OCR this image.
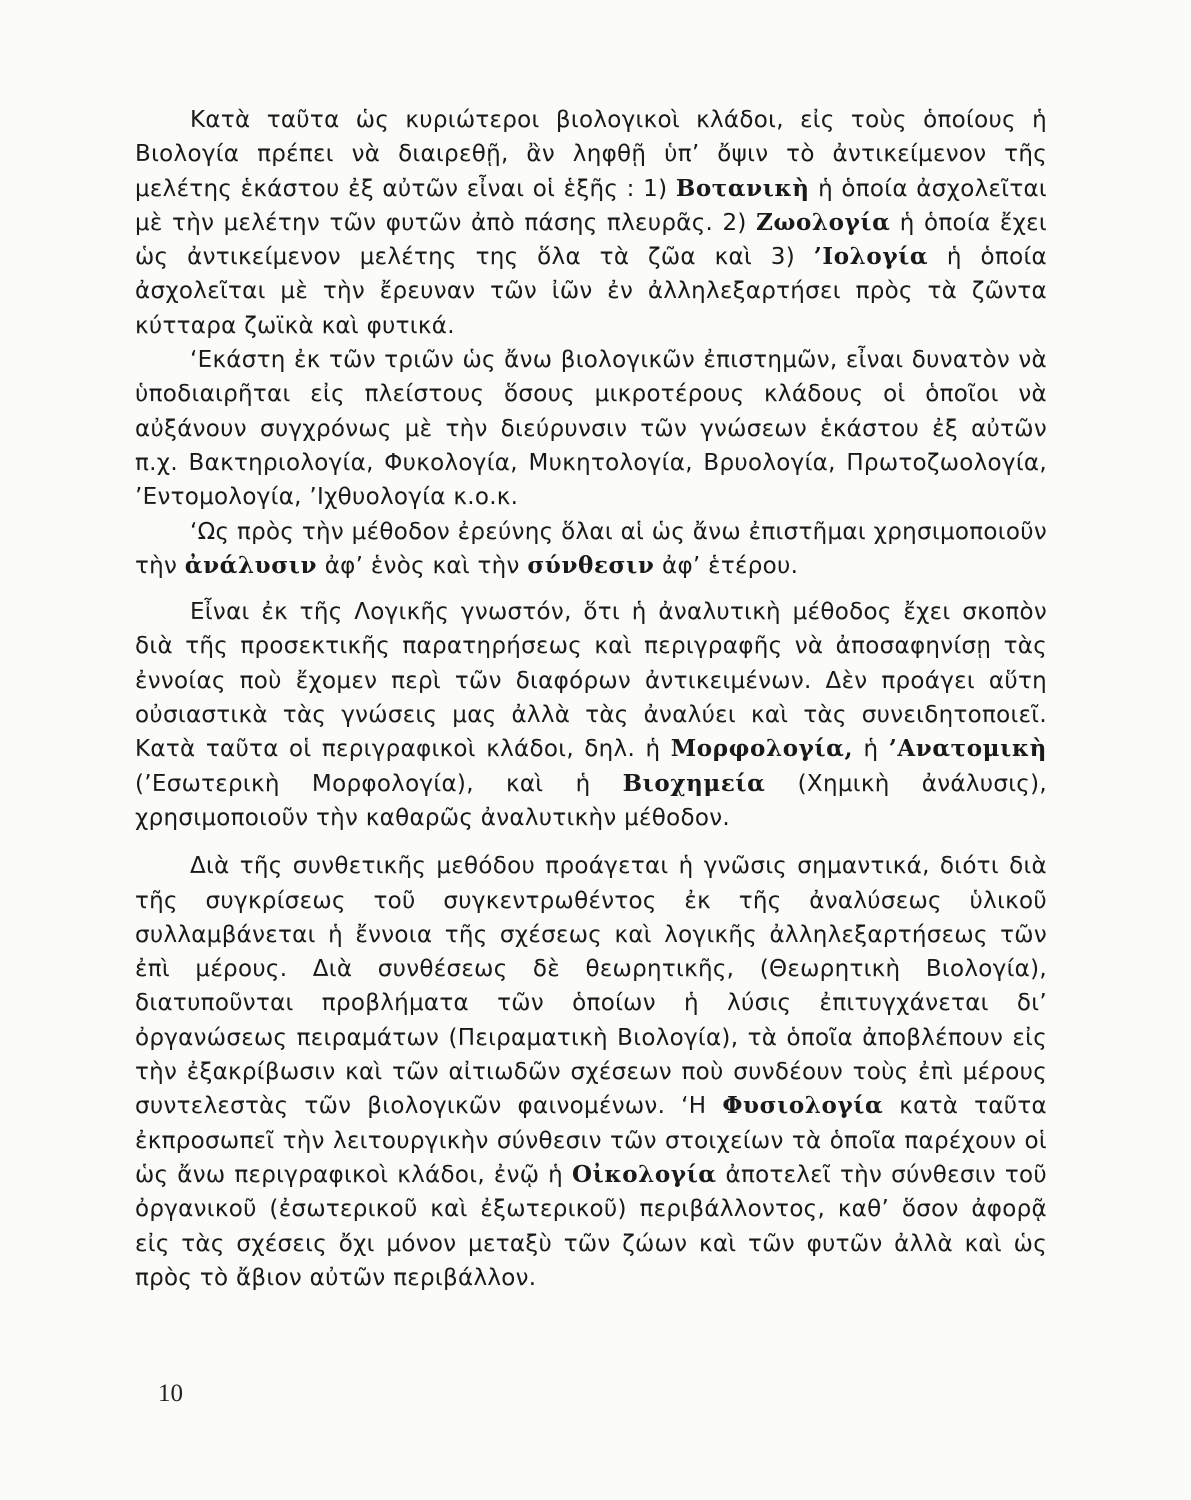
Κατὰ ταῦτα ὡς κυριώτεροι βιολογικοὶ κλάδοι, εἰς τοὺς ὁποίους ἡ Βιολογία πρέπει νὰ διαιρεθῇ, ἂν ληφθῇ ὑπ’ ὄψιν τὸ ἀντικείμενον τῆς μελέτης ἑκάστου ἐξ αὐτῶν εἶναι οἱ ἑξῆς : 1) Βοτανικὴ ἡ ὁποία ἀσχολεῖται μὲ τὴν μελέτην τῶν φυτῶν ἀπὸ πάσης πλευρᾶς. 2) Ζωολογία ἡ ὁποία ἔχει ὡς ἀντικείμενον μελέτης της ὅλα τὰ ζῶα καὶ 3) ’Ιολογία ἡ ὁποία ἀσχολεῖται μὲ τὴν ἔρευναν τῶν ἰῶν ἐν ἀλληλεξαρτήσει πρὸς τὰ ζῶντα κύτταρα ζωϊκὰ καὶ φυτικά.

‘Εκάστη ἐκ τῶν τριῶν ὡς ἄνω βιολογικῶν ἐπιστημῶν, εἶναι δυνατὸν νὰ ὑποδιαιρῆται εἰς πλείστους ὅσους μικροτέρους κλάδους οἱ ὁποῖοι νὰ αὐξάνουν συγχρόνως μὲ τὴν διεύρυνσιν τῶν γνώσεων ἑκάστου ἐξ αὐτῶν π.χ. Βακτηριολογία, Φυκολογία, Μυκητολογία, Βρυολογία, Πρωτοζωολογία, ’Εντομολογία, ’Ιχθυολογία κ.ο.κ.

‘Ως πρὸς τὴν μέθοδον ἐρεύνης ὅλαι αἱ ὡς ἄνω ἐπιστῆμαι χρησιμοποιοῦν τὴν ἀνάλυσιν ἀφ’ ἑνὸς καὶ τὴν σύνθεσιν ἀφ’ ἑτέρου.

Εἶναι ἐκ τῆς Λογικῆς γνωστόν, ὅτι ἡ ἀναλυτικὴ μέθοδος ἔχει σκοπὸν διὰ τῆς προσεκτικῆς παρατηρήσεως καὶ περιγραφῆς νὰ ἀποσαφηνίσῃ τὰς ἐννοίας ποὺ ἔχομεν περὶ τῶν διαφόρων ἀντικειμένων. Δὲν προάγει αὕτη οὐσιαστικὰ τὰς γνώσεις μας ἀλλὰ τὰς ἀναλύει καὶ τὰς συνειδητοποιεῖ. Κατὰ ταῦτα οἱ περιγραφικοὶ κλάδοι, δηλ. ἡ Μορφολογία, ἡ ’Ανατομικὴ (’Εσωτερικὴ Μορφολογία), καὶ ἡ Βιοχημεία (Χημικὴ ἀνάλυσις), χρησιμοποιοῦν τὴν καθαρῶς ἀναλυτικὴν μέθοδον.

Διὰ τῆς συνθετικῆς μεθόδου προάγεται ἡ γνῶσις σημαντικά, διότι διὰ τῆς συγκρίσεως τοῦ συγκεντρωθέντος ἐκ τῆς ἀναλύσεως ὑλικοῦ συλλαμβάνεται ἡ ἔννοια τῆς σχέσεως καὶ λογικῆς ἀλληλεξαρτήσεως τῶν ἐπὶ μέρους. Διὰ συνθέσεως δὲ θεωρητικῆς, (Θεωρητικὴ Βιολογία), διατυποῦνται προβλήματα τῶν ὁποίων ἡ λύσις ἐπιτυγχάνεται δι’ ὀργανώσεως πειραμάτων (Πειραματικὴ Βιολογία), τὰ ὁποῖα ἀποβλέπουν εἰς τὴν ἐξακρίβωσιν καὶ τῶν αἰτιωδῶν σχέσεων ποὺ συνδέουν τοὺς ἐπὶ μέρους συντελεστὰς τῶν βιολογικῶν φαινομένων. ‘Η Φυσιολογία κατὰ ταῦτα ἐκπροσωπεῖ τὴν λειτουργικὴν σύνθεσιν τῶν στοιχείων τὰ ὁποῖα παρέχουν οἱ ὡς ἄνω περιγραφικοὶ κλάδοι, ἐνῷ ἡ Οἰκολογία ἀποτελεῖ τὴν σύνθεσιν τοῦ ὀργανικοῦ (ἐσωτερικοῦ καὶ ἐξωτερικοῦ) περιβάλλοντος, καθ’ ὅσον ἀφορᾷ εἰς τὰς σχέσεις ὄχι μόνον μεταξὺ τῶν ζώων καὶ τῶν φυτῶν ἀλλὰ καὶ ὡς πρὸς τὸ ἄβιον αὐτῶν περιβάλλον.

10
